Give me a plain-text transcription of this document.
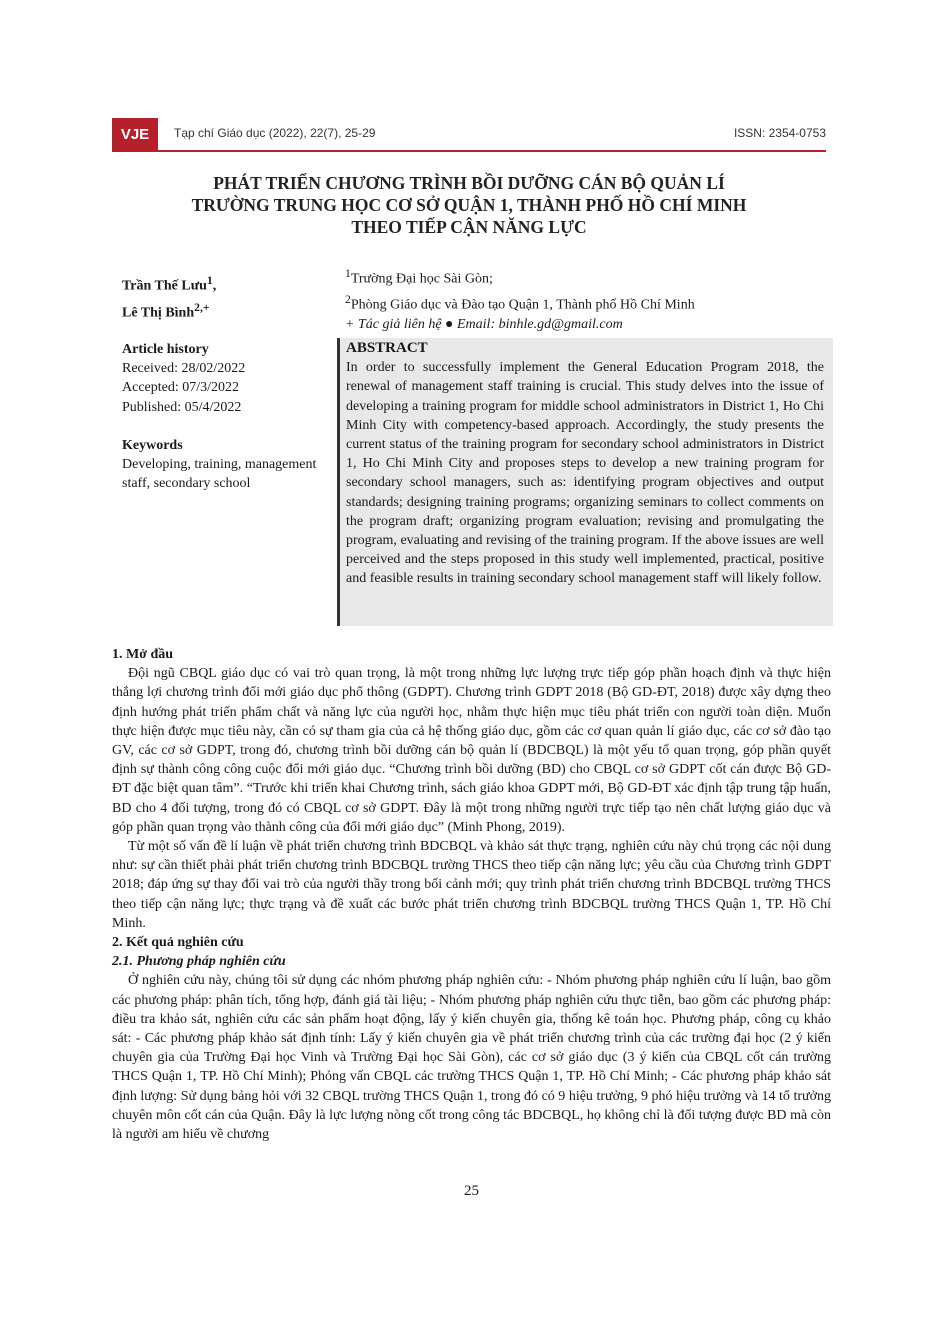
VJE	Tạp chí Giáo dục (2022), 22(7), 25-29	ISSN: 2354-0753
PHÁT TRIỂN CHƯƠNG TRÌNH BỒI DƯỠNG CÁN BỘ QUẢN LÍ
TRƯỜNG TRUNG HỌC CƠ SỞ QUẬN 1, THÀNH PHỐ HỒ CHÍ MINH
THEO TIẾP CẬN NĂNG LỰC
Trần Thế Lưu$^1$,
Lê Thị Bình$^{2,+}$
$^1$Trường Đại học Sài Gòn;
$^2$Phòng Giáo dục và Đào tạo Quận 1, Thành phố Hồ Chí Minh
+ Tác giả liên hệ ● Email: binhle.gd@gmail.com
Article history
Received: 28/02/2022
Accepted: 07/3/2022
Published: 05/4/2022
Keywords
Developing, training, management staff, secondary school
ABSTRACT
In order to successfully implement the General Education Program 2018, the renewal of management staff training is crucial. This study delves into the issue of developing a training program for middle school administrators in District 1, Ho Chi Minh City with competency-based approach. Accordingly, the study presents the current status of the training program for secondary school administrators in District 1, Ho Chi Minh City and proposes steps to develop a new training program for secondary school managers, such as: identifying program objectives and output standards; designing training programs; organizing seminars to collect comments on the program draft; organizing program evaluation; revising and promulgating the program, evaluating and revising of the training program. If the above issues are well perceived and the steps proposed in this study well implemented, practical, positive and feasible results in training secondary school management staff will likely follow.
1. Mở đầu

Đội ngũ CBQL giáo dục có vai trò quan trọng, là một trong những lực lượng trực tiếp góp phần hoạch định và thực hiện thắng lợi chương trình đổi mới giáo dục phổ thông (GDPT). Chương trình GDPT 2018 (Bộ GD-ĐT, 2018) được xây dựng theo định hướng phát triển phẩm chất và năng lực của người học, nhằm thực hiện mục tiêu phát triển con người toàn diện. Muốn thực hiện được mục tiêu này, cần có sự tham gia của cả hệ thống giáo dục, gồm các cơ quan quản lí giáo dục, các cơ sở đào tạo GV, các cơ sở GDPT, trong đó, chương trình bồi dưỡng cán bộ quản lí (BDCBQL) là một yếu tố quan trọng, góp phần quyết định sự thành công công cuộc đổi mới giáo dục. “Chương trình bồi dưỡng (BD) cho CBQL cơ sở GDPT cốt cán được Bộ GD-ĐT đặc biệt quan tâm”. “Trước khi triển khai Chương trình, sách giáo khoa GDPT mới, Bộ GD-ĐT xác định tập trung tập huấn, BD cho 4 đối tượng, trong đó có CBQL cơ sở GDPT. Đây là một trong những người trực tiếp tạo nên chất lượng giáo dục và góp phần quan trọng vào thành công của đổi mới giáo dục” (Minh Phong, 2019).

Từ một số vấn đề lí luận về phát triển chương trình BDCBQL và khảo sát thực trạng, nghiên cứu này chú trọng các nội dung như: sự cần thiết phải phát triển chương trình BDCBQL trường THCS theo tiếp cận năng lực; yêu cầu của Chương trình GDPT 2018; đáp ứng sự thay đổi vai trò của người thầy trong bối cảnh mới; quy trình phát triển chương trình BDCBQL trường THCS theo tiếp cận năng lực; thực trạng và đề xuất các bước phát triển chương trình BDCBQL trường THCS Quận 1, TP. Hồ Chí Minh.

2. Kết quả nghiên cứu
2.1. Phương pháp nghiên cứu

Ở nghiên cứu này, chúng tôi sử dụng các nhóm phương pháp nghiên cứu: - Nhóm phương pháp nghiên cứu lí luận, bao gồm các phương pháp: phân tích, tổng hợp, đánh giá tài liệu; - Nhóm phương pháp nghiên cứu thực tiễn, bao gồm các phương pháp: điều tra khảo sát, nghiên cứu các sản phẩm hoạt động, lấy ý kiến chuyên gia, thống kê toán học. Phương pháp, công cụ khảo sát: - Các phương pháp khảo sát định tính: Lấy ý kiến chuyên gia về phát triển chương trình của các trường đại học (2 ý kiến chuyên gia của Trường Đại học Vinh và Trường Đại học Sài Gòn), các cơ sở giáo dục (3 ý kiến của CBQL cốt cán trường THCS Quận 1, TP. Hồ Chí Minh); Phỏng vấn CBQL các trường THCS Quận 1, TP. Hồ Chí Minh; - Các phương pháp khảo sát định lượng: Sử dụng bảng hỏi với 32 CBQL trường THCS Quận 1, trong đó có 9 hiệu trưởng, 9 phó hiệu trưởng và 14 tổ trưởng chuyên môn cốt cán của Quận. Đây là lực lượng nòng cốt trong công tác BDCBQL, họ không chỉ là đối tượng được BD mà còn là người am hiểu về chương

25
